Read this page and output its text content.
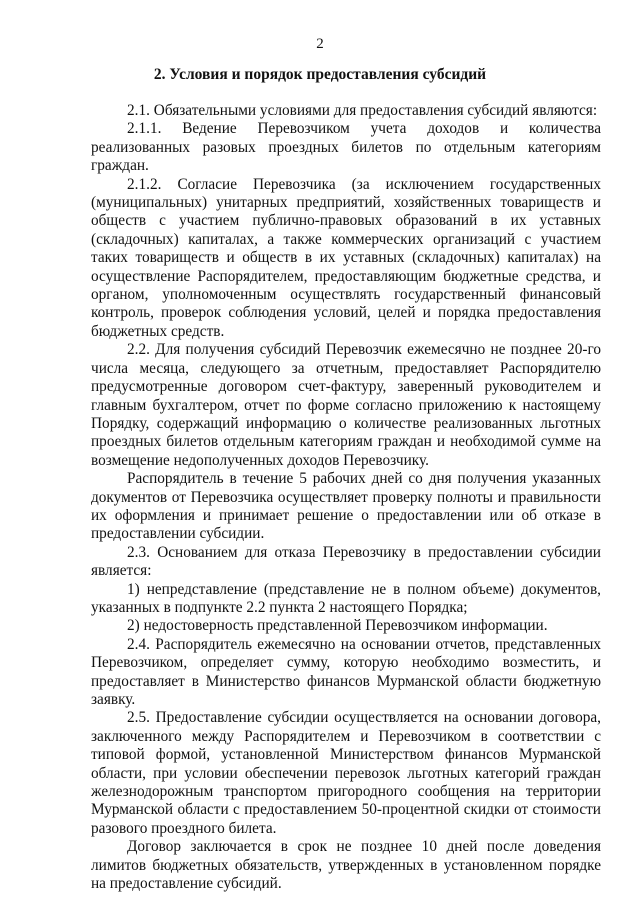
2
2. Условия и порядок предоставления субсидий

2.1. Обязательными условиями для предоставления субсидий являются:

2.1.1. Ведение Перевозчиком учета доходов и количества реализованных разовых проездных билетов по отдельным категориям граждан.

2.1.2. Согласие Перевозчика (за исключением государственных (муниципальных) унитарных предприятий, хозяйственных товариществ и обществ с участием публично-правовых образований в их уставных (складочных) капиталах, а также коммерческих организаций с участием таких товариществ и обществ в их уставных (складочных) капиталах) на осуществление Распорядителем, предоставляющим бюджетные средства, и органом, уполномоченным осуществлять государственный финансовый контроль, проверок соблюдения условий, целей и порядка предоставления бюджетных средств.

2.2. Для получения субсидий Перевозчик ежемесячно не позднее 20-го числа месяца, следующего за отчетным, предоставляет Распорядителю предусмотренные договором счет-фактуру, заверенный руководителем и главным бухгалтером, отчет по форме согласно приложению к настоящему Порядку, содержащий информацию о количестве реализованных льготных проездных билетов отдельным категориям граждан и необходимой сумме на возмещение недополученных доходов Перевозчику.

Распорядитель в течение 5 рабочих дней со дня получения указанных документов от Перевозчика осуществляет проверку полноты и правильности их оформления и принимает решение о предоставлении или об отказе в предоставлении субсидии.

2.3. Основанием для отказа Перевозчику в предоставлении субсидии является:

1) непредставление (представление не в полном объеме) документов, указанных в подпункте 2.2 пункта 2 настоящего Порядка;

2) недостоверность представленной Перевозчиком информации.

2.4. Распорядитель ежемесячно на основании отчетов, представленных Перевозчиком, определяет сумму, которую необходимо возместить, и предоставляет в Министерство финансов Мурманской области бюджетную заявку.

2.5. Предоставление субсидии осуществляется на основании договора, заключенного между Распорядителем и Перевозчиком в соответствии с типовой формой, установленной Министерством финансов Мурманской области, при условии обеспечении перевозок льготных категорий граждан железнодорожным транспортом пригородного сообщения на территории Мурманской области с предоставлением 50-процентной скидки от стоимости разового проездного билета.

Договор заключается в срок не позднее 10 дней после доведения лимитов бюджетных обязательств, утвержденных в установленном порядке на предоставление субсидий.
